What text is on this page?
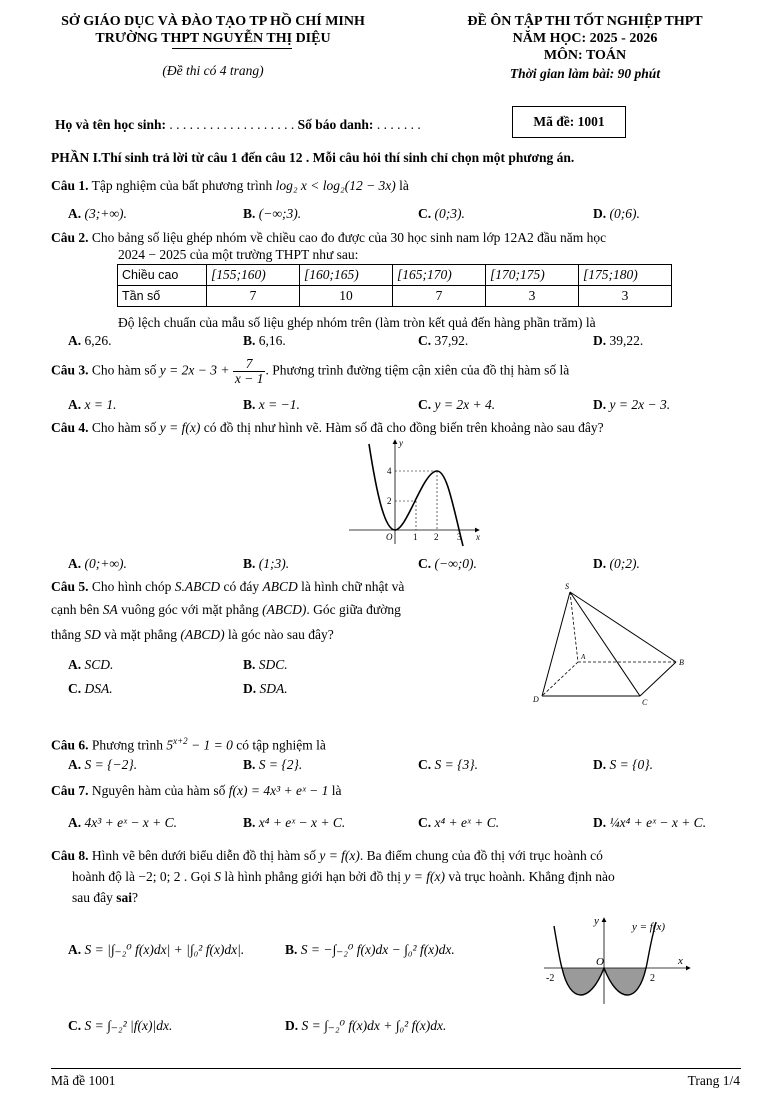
SỞ GIÁO DỤC VÀ ĐÀO TẠO TP HỒ CHÍ MINH
TRƯỜNG THPT NGUYỄN THỊ DIỆU
(Đề thi có 4 trang)
ĐỀ ÔN TẬP THI TỐT NGHIỆP THPT
NĂM HỌC: 2025 - 2026
MÔN: TOÁN
Thời gian làm bài: 90 phút
Họ và tên học sinh: . . . . . . . . . . . . . . . . . . . Số báo danh: . . . . . . .	Mã đề: 1001
PHẦN I.Thí sinh trả lời từ câu 1 đến câu 12 . Mỗi câu hỏi thí sinh chỉ chọn một phương án.
Câu 1. Tập nghiệm của bất phương trình log₂ x < log₂(12 − 3x) là
A. (3;+∞).	B. (−∞;3).	C. (0;3).	D. (0;6).
Câu 2. Cho bảng số liệu ghép nhóm về chiều cao đo được của 30 học sinh nam lớp 12A2 đầu năm học
2024 − 2025 của một trường THPT như sau:
Chiều cao	[155;160)	[160;165)	[165;170)	[170;175)	[175;180)
Tần số	7	10	7	3	3
Độ lệch chuẩn của mẫu số liệu ghép nhóm trên (làm tròn kết quả đến hàng phần trăm) là
A. 6,26.	B. 6,16.	C. 37,92.	D. 39,22.
Câu 3. Cho hàm số $y = 2x - 3 + \frac{7}{x - 1}$ . Phương trình đường tiệm cận xiên của đồ thị hàm số là
A. x = 1.	B. x = −1.	C. y = 2x + 4.	D. y = 2x − 3.
Câu 4. Cho hàm số y = f(x) có đồ thị như hình vẽ. Hàm số đã cho đồng biến trên khoảng nào sau đây?
y
x
O
4
2
1 2 3
A. (0;+∞).	B. (1;3).	C. (−∞;0).	D. (0;2).
Câu 5. Cho hình chóp S.ABCD có đáy ABCD là hình chữ nhật và
cạnh bên SA vuông góc với mặt phẳng (ABCD). Góc giữa đường
thẳng SD và mặt phẳng (ABCD) là góc nào sau đây?
A. SCD.	B. SDC.
C. DSA.	D. SDA.
S
A
B
C
D
Câu 6. Phương trình $5^{x+2} - 1 = 0$ có tập nghiệm là
A. S = {−2}.	B. S = {2}.	C. S = {3}.	D. S = {0}.
Câu 7. Nguyên hàm của hàm số f(x) = 4x³ + eˣ − 1 là
A. 4x³ + eˣ − x + C.	B. x⁴ + eˣ − x + C.	C. x⁴ + eˣ + C.	D. ¼x⁴ + eˣ − x + C.
Câu 8. Hình vẽ bên dưới biểu diễn đồ thị hàm số y = f(x). Ba điểm chung của đồ thị với trục hoành có
hoành độ là −2; 0; 2 . Gọi S là hình phẳng giới hạn bởi đồ thị y = f(x) và trục hoành. Khẳng định nào
sau đây sai?
A. S = |∫₋₂⁰ f(x)dx| + |∫₀² f(x)dx|.	B. S = −∫₋₂⁰ f(x)dx − ∫₀² f(x)dx.
C. S = ∫₋₂² |f(x)|dx.	D. S = ∫₋₂⁰ f(x)dx + ∫₀² f(x)dx.
y
x
O
y = f(x)
-2	2
Mã đề 1001	Trang 1/4
